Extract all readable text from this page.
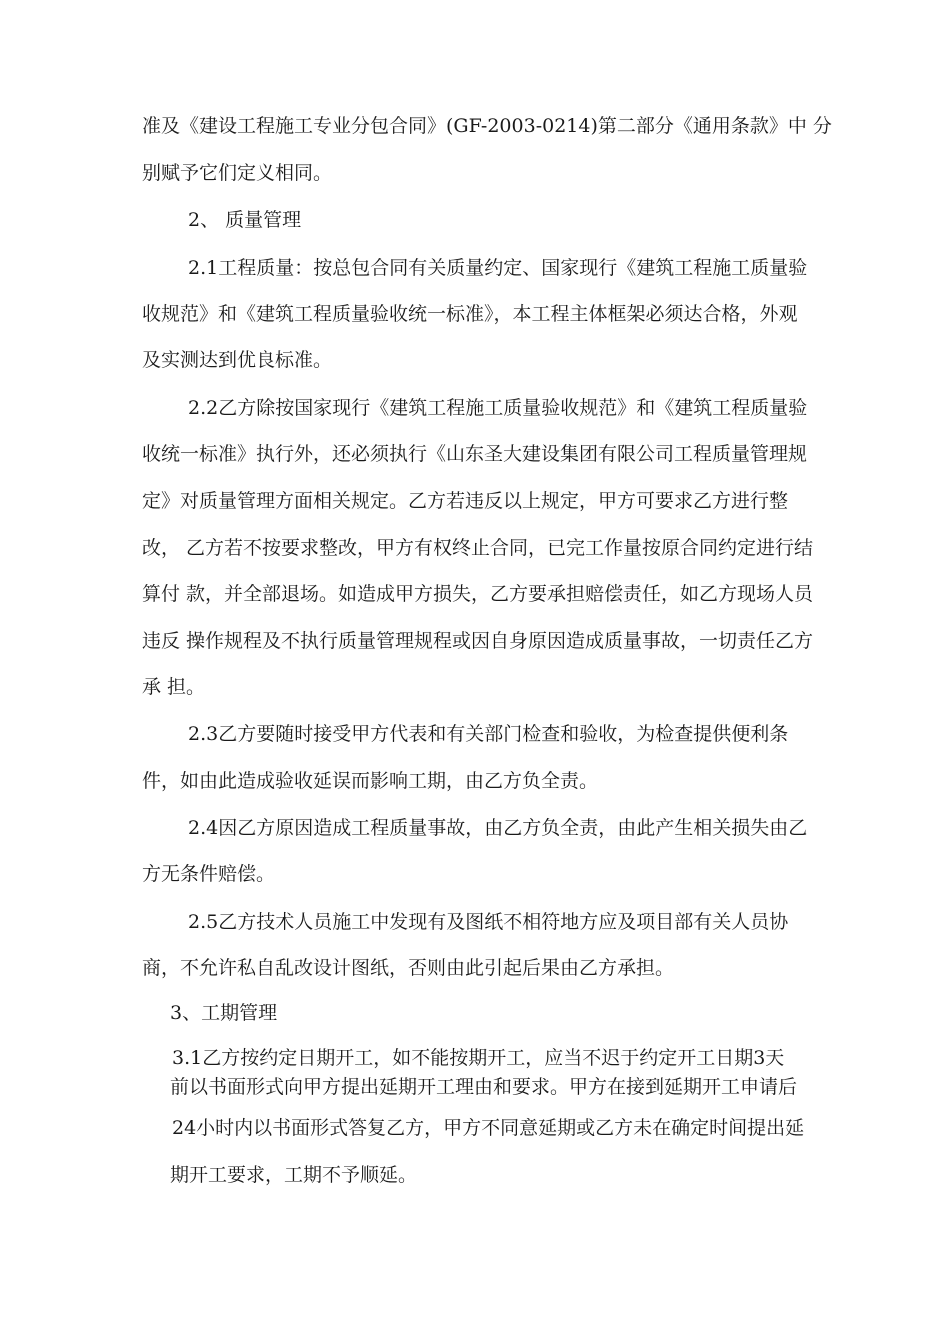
准及《建设工程施工专业分包合同》(GF-2003-0214)第二部分《通用条款》中 分
别赋予它们定义相同。
2、 质量管理
2.1工程质量：按总包合同有关质量约定、国家现行《建筑工程施工质量验
收规范》和《建筑工程质量验收统一标准》，本工程主体框架必须达合格，外观
及实测达到优良标准。
2.2乙方除按国家现行《建筑工程施工质量验收规范》和《建筑工程质量验
收统一标准》执行外，还必须执行《山东圣大建设集团有限公司工程质量管理规
定》对质量管理方面相关规定。乙方若违反以上规定，甲方可要求乙方进行整
改， 乙方若不按要求整改，甲方有权终止合同，已完工作量按原合同约定进行结
算付 款，并全部退场。如造成甲方损失，乙方要承担赔偿责任，如乙方现场人员
违反 操作规程及不执行质量管理规程或因自身原因造成质量事故，一切责任乙方
承 担。
2.3乙方要随时接受甲方代表和有关部门检查和验收，为检查提供便利条
件，如由此造成验收延误而影响工期，由乙方负全责。
2.4因乙方原因造成工程质量事故，由乙方负全责，由此产生相关损失由乙
方无条件赔偿。
2.5乙方技术人员施工中发现有及图纸不相符地方应及项目部有关人员协
商，不允许私自乱改设计图纸，否则由此引起后果由乙方承担。
3、工期管理
3.1乙方按约定日期开工，如不能按期开工，应当不迟于约定开工日期3天
前以书面形式向甲方提出延期开工理由和要求。甲方在接到延期开工申请后
24小时内以书面形式答复乙方，甲方不同意延期或乙方未在确定时间提出延
期开工要求，工期不予顺延。
